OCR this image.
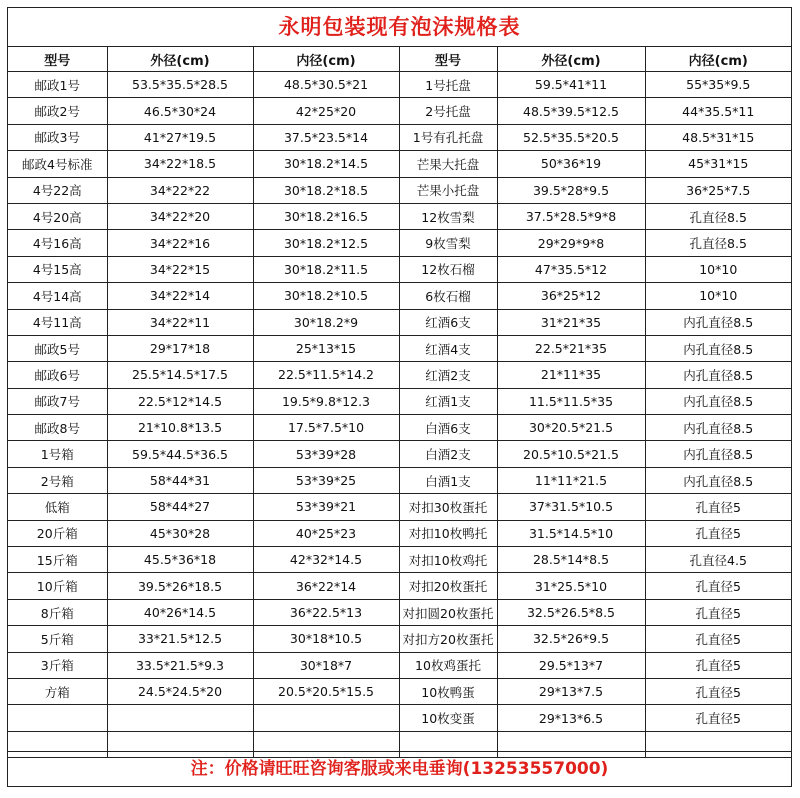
永明包装现有泡沫规格表
型号	外径(cm)	内径(cm)	型号	外径(cm)	内径(cm)
邮政1号	53.5*35.5*28.5	48.5*30.5*21	1号托盘	59.5*41*11	55*35*9.5
邮政2号	46.5*30*24	42*25*20	2号托盘	48.5*39.5*12.5	44*35.5*11
邮政3号	41*27*19.5	37.5*23.5*14	1号有孔托盘	52.5*35.5*20.5	48.5*31*15
邮政4号标准	34*22*18.5	30*18.2*14.5	芒果大托盘	50*36*19	45*31*15
4号22高	34*22*22	30*18.2*18.5	芒果小托盘	39.5*28*9.5	36*25*7.5
4号20高	34*22*20	30*18.2*16.5	12枚雪梨	37.5*28.5*9*8	孔直径8.5
4号16高	34*22*16	30*18.2*12.5	9枚雪梨	29*29*9*8	孔直径8.5
4号15高	34*22*15	30*18.2*11.5	12枚石榴	47*35.5*12	10*10
4号14高	34*22*14	30*18.2*10.5	6枚石榴	36*25*12	10*10
4号11高	34*22*11	30*18.2*9	红酒6支	31*21*35	内孔直径8.5
邮政5号	29*17*18	25*13*15	红酒4支	22.5*21*35	内孔直径8.5
邮政6号	25.5*14.5*17.5	22.5*11.5*14.2	红酒2支	21*11*35	内孔直径8.5
邮政7号	22.5*12*14.5	19.5*9.8*12.3	红酒1支	11.5*11.5*35	内孔直径8.5
邮政8号	21*10.8*13.5	17.5*7.5*10	白酒6支	30*20.5*21.5	内孔直径8.5
1号箱	59.5*44.5*36.5	53*39*28	白酒2支	20.5*10.5*21.5	内孔直径8.5
2号箱	58*44*31	53*39*25	白酒1支	11*11*21.5	内孔直径8.5
低箱	58*44*27	53*39*21	对扣30枚蛋托	37*31.5*10.5	孔直径5
20斤箱	45*30*28	40*25*23	对扣10枚鸭托	31.5*14.5*10	孔直径5
15斤箱	45.5*36*18	42*32*14.5	对扣10枚鸡托	28.5*14*8.5	孔直径4.5
10斤箱	39.5*26*18.5	36*22*14	对扣20枚蛋托	31*25.5*10	孔直径5
8斤箱	40*26*14.5	36*22.5*13	对扣圆20枚蛋托	32.5*26.5*8.5	孔直径5
5斤箱	33*21.5*12.5	30*18*10.5	对扣方20枚蛋托	32.5*26*9.5	孔直径5
3斤箱	33.5*21.5*9.3	30*18*7	10枚鸡蛋托	29.5*13*7	孔直径5
方箱	24.5*24.5*20	20.5*20.5*15.5	10枚鸭蛋	29*13*7.5	孔直径5
			10枚变蛋	29*13*6.5	孔直径5

注：价格请旺旺咨询客服或来电垂询(13253557000)
